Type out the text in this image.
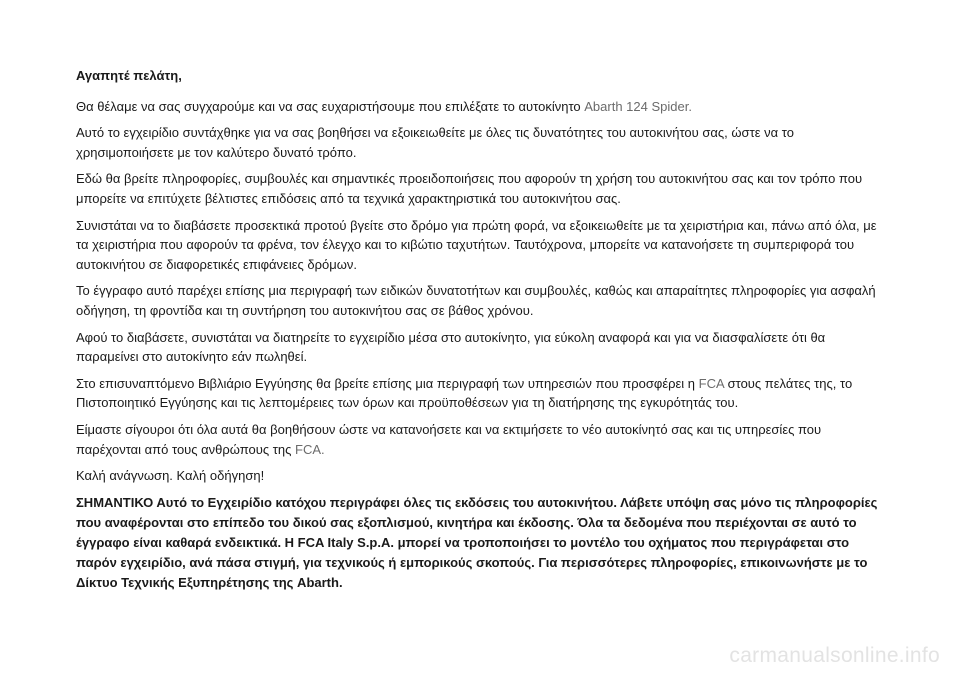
Αγαπητέ πελάτη,

Θα θέλαμε να σας συγχαρούμε και να σας ευχαριστήσουμε που επιλέξατε το αυτοκίνητο Abarth 124 Spider.

Αυτό το εγχειρίδιο συντάχθηκε για να σας βοηθήσει να εξοικειωθείτε με όλες τις δυνατότητες του αυτοκινήτου σας, ώστε να το χρησιμοποιήσετε με τον καλύτερο δυνατό τρόπο.

Εδώ θα βρείτε πληροφορίες, συμβουλές και σημαντικές προειδοποιήσεις που αφορούν τη χρήση του αυτοκινήτου σας και τον τρόπο που μπορείτε να επιτύχετε βέλτιστες επιδόσεις από τα τεχνικά χαρακτηριστικά του αυτοκινήτου σας.

Συνιστάται να το διαβάσετε προσεκτικά προτού βγείτε στο δρόμο για πρώτη φορά, να εξοικειωθείτε με τα χειριστήρια και, πάνω από όλα, με τα χειριστήρια που αφορούν τα φρένα, τον έλεγχο και το κιβώτιο ταχυτήτων. Ταυτόχρονα, μπορείτε να κατανοήσετε τη συμπεριφορά του αυτοκινήτου σε διαφορετικές επιφάνειες δρόμων.

Το έγγραφο αυτό παρέχει επίσης μια περιγραφή των ειδικών δυνατοτήτων και συμβουλές, καθώς και απαραίτητες πληροφορίες για ασφαλή οδήγηση, τη φροντίδα και τη συντήρηση του αυτοκινήτου σας σε βάθος χρόνου.

Αφού το διαβάσετε, συνιστάται να διατηρείτε το εγχειρίδιο μέσα στο αυτοκίνητο, για εύκολη αναφορά και για να διασφαλίσετε ότι θα παραμείνει στο αυτοκίνητο εάν πωληθεί.

Στο επισυναπτόμενο Βιβλιάριο Εγγύησης θα βρείτε επίσης μια περιγραφή των υπηρεσιών που προσφέρει η FCA στους πελάτες της, το Πιστοποιητικό Εγγύησης και τις λεπτομέρειες των όρων και προϋποθέσεων για τη διατήρησης της εγκυρότητάς του.

Είμαστε σίγουροι ότι όλα αυτά θα βοηθήσουν ώστε να κατανοήσετε και να εκτιμήσετε το νέο αυτοκίνητό σας και τις υπηρεσίες που παρέχονται από τους ανθρώπους της FCA.

Καλή ανάγνωση. Καλή οδήγηση!

ΣΗΜΑΝΤΙΚΟ Αυτό το Εγχειρίδιο κατόχου περιγράφει όλες τις εκδόσεις του αυτοκινήτου. Λάβετε υπόψη σας μόνο τις πληροφορίες που αναφέρονται στο επίπεδο του δικού σας εξοπλισμού, κινητήρα και έκδοσης. Όλα τα δεδομένα που περιέχονται σε αυτό το έγγραφο είναι καθαρά ενδεικτικά. Η FCA Italy S.p.A. μπορεί να τροποποιήσει το μοντέλο του οχήματος που περιγράφεται στο παρόν εγχειρίδιο, ανά πάσα στιγμή, για τεχνικούς ή εμπορικούς σκοπούς. Για περισσότερες πληροφορίες, επικοινωνήστε με το Δίκτυο Τεχνικής Εξυπηρέτησης της Abarth.

carmanualsonline.info
